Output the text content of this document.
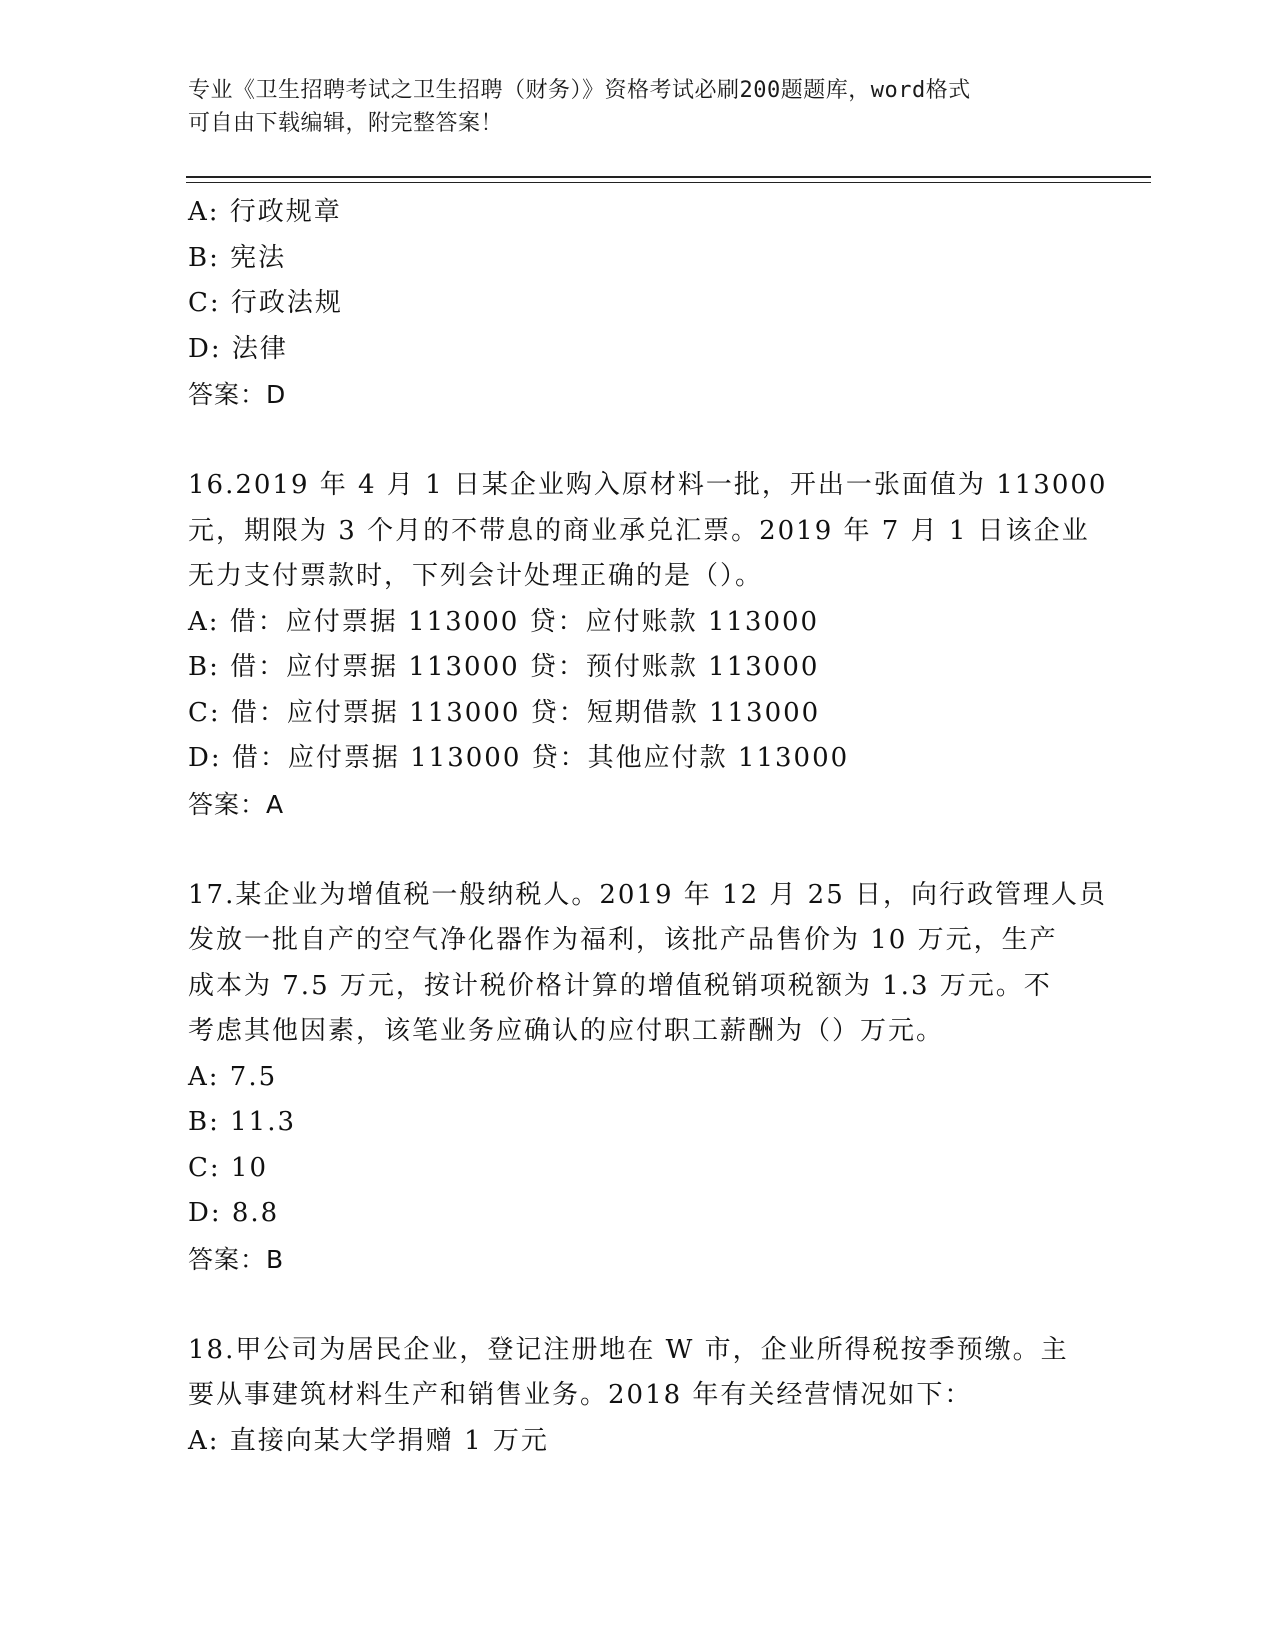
专业《卫生招聘考试之卫生招聘（财务）》资格考试必刷200题题库，word格式
可自由下载编辑，附完整答案！
A: 行政规章
B: 宪法
C: 行政法规
D: 法律
答案：D
16.2019 年 4 月 1 日某企业购入原材料一批，开出一张面值为 113000
元，期限为 3 个月的不带息的商业承兑汇票。2019 年 7 月 1 日该企业
无力支付票款时，下列会计处理正确的是（）。
A: 借：应付票据 113000 贷：应付账款 113000
B: 借：应付票据 113000 贷：预付账款 113000
C: 借：应付票据 113000 贷：短期借款 113000
D: 借：应付票据 113000 贷：其他应付款 113000
答案：A
17.某企业为增值税一般纳税人。2019 年 12 月 25 日，向行政管理人员
发放一批自产的空气净化器作为福利，该批产品售价为 10 万元，生产
成本为 7.5 万元，按计税价格计算的增值税销项税额为 1.3 万元。不
考虑其他因素，该笔业务应确认的应付职工薪酬为（）万元。
A: 7.5
B: 11.3
C: 10
D: 8.8
答案：B
18.甲公司为居民企业，登记注册地在 W 市，企业所得税按季预缴。主
要从事建筑材料生产和销售业务。2018 年有关经营情况如下：
A: 直接向某大学捐赠 1 万元
